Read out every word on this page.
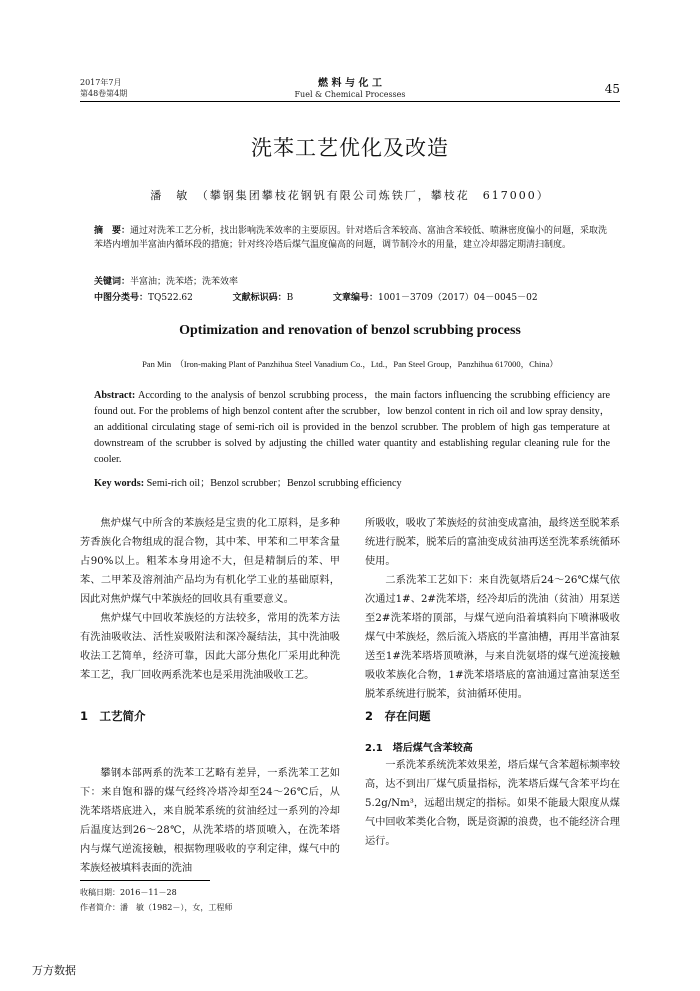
2017年7月
第48卷第4期
燃 料 与 化 工
Fuel & Chemical Processes	45
洗苯工艺优化及改造
潘　敏　 （攀钢集团攀枝花钢钒有限公司炼铁厂，攀枝花　617000）
摘　要：通过对洗苯工艺分析，找出影响洗苯效率的主要原因。针对塔后含苯较高、富油含苯较低、喷淋密度偏小的问题，采取洗苯塔内增加半富油内循环段的措施；针对终冷塔后煤气温度偏高的问题，调节制冷水的用量，建立冷却器定期清扫制度。
关键词：半富油；洗苯塔；洗苯效率
中图分类号：TQ522.62	文献标识码：B	文章编号：1001－3709（2017）04－0045－02
Optimization and renovation of benzol scrubbing process
Pan Min　（Iron-making Plant of Panzhihua Steel Vanadium Co.，Ltd.，Pan Steel Group，Panzhihua 617000，China）
Abstract: According to the analysis of benzol scrubbing process，the main factors influencing the scrubbing efficiency are found out. For the problems of high benzol content after the scrubber，low benzol content in rich oil and low spray density，an additional circulating stage of semi-rich oil is provided in the benzol scrubber. The problem of high gas temperature at downstream of the scrubber is solved by adjusting the chilled water quantity and establishing regular cleaning rule for the cooler.
Key words: Semi-rich oil；Benzol scrubber；Benzol scrubbing efficiency

焦炉煤气中所含的苯族烃是宝贵的化工原料，是多种芳香族化合物组成的混合物，其中苯、甲苯和二甲苯含量占90%以上。粗苯本身用途不大，但是精制后的苯、甲苯、二甲苯及溶剂油产品均为有机化学工业的基础原料，因此对焦炉煤气中苯族烃的回收具有重要意义。

焦炉煤气中回收苯族烃的方法较多，常用的洗苯方法有洗油吸收法、活性炭吸附法和深冷凝结法，其中洗油吸收法工艺简单，经济可靠，因此大部分焦化厂采用此种洗苯工艺，我厂回收两系洗苯也是采用洗油吸收工艺。

1　工艺简介

攀钢本部两系的洗苯工艺略有差异，一系洗苯工艺如下：来自饱和器的煤气经终冷塔冷却至24～26℃后，从洗苯塔塔底进入，来自脱苯系统的贫油经过一系列的冷却后温度达到26～28℃，从洗苯塔的塔顶喷入，在洗苯塔内与煤气逆流接触，根据物理吸收的亨利定律，煤气中的苯族烃被填料表面的洗油

收稿日期：2016－11－28
作者简介：潘　敏（1982－），女，工程师

所吸收，吸收了苯族烃的贫油变成富油，最终送至脱苯系统进行脱苯，脱苯后的富油变成贫油再送至洗苯系统循环使用。

二系洗苯工艺如下：来自洗氨塔后24～26℃煤气依次通过1#、2#洗苯塔，经冷却后的洗油（贫油）用泵送至2#洗苯塔的顶部，与煤气逆向沿着填料向下喷淋吸收煤气中苯族烃，然后流入塔底的半富油槽，再用半富油泵送至1#洗苯塔塔顶喷淋，与来自洗氨塔的煤气逆流接触吸收苯族化合物，1#洗苯塔塔底的富油通过富油泵送至脱苯系统进行脱苯，贫油循环使用。

2　存在问题
2.1　塔后煤气含苯较高

一系洗苯系统洗苯效果差，塔后煤气含苯超标频率较高，达不到出厂煤气质量指标，洗苯塔后煤气含苯平均在5.2g/Nm³，远超出规定的指标。如果不能最大限度从煤气中回收苯类化合物，既是资源的浪费，也不能经济合理运行。

万方数据
